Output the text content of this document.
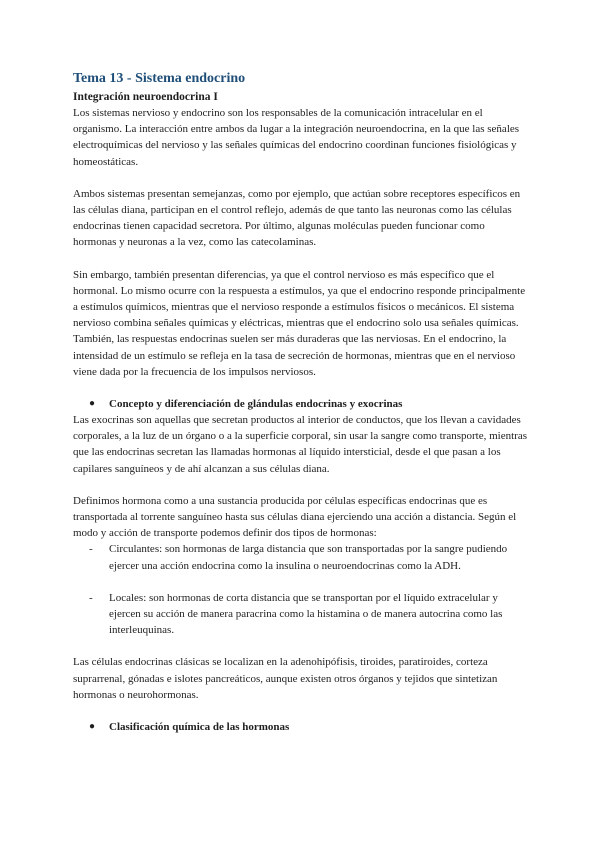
Tema 13 - Sistema endocrino
Integración neuroendocrina I

Los sistemas nervioso y endocrino son los responsables de la comunicación intracelular en el organismo. La interacción entre ambos da lugar a la integración neuroendocrina, en la que las señales electroquímicas del nervioso y las señales químicas del endocrino coordinan funciones fisiológicas y homeostáticas.

Ambos sistemas presentan semejanzas, como por ejemplo, que actúan sobre receptores específicos en las células diana, participan en el control reflejo, además de que tanto las neuronas como las células endocrinas tienen capacidad secretora. Por último, algunas moléculas pueden funcionar como hormonas y neuronas a la vez, como las catecolaminas.

Sin embargo, también presentan diferencias, ya que el control nervioso es más específico que el hormonal. Lo mismo ocurre con la respuesta a estímulos, ya que el endocrino responde principalmente a estímulos químicos, mientras que el nervioso responde a estímulos físicos o mecánicos. El sistema nervioso combina señales químicas y eléctricas, mientras que el endocrino solo usa señales químicas. También, las respuestas endocrinas suelen ser más duraderas que las nerviosas. En el endocrino, la intensidad de un estímulo se refleja en la tasa de secreción de hormonas, mientras que en el nervioso viene dada por la frecuencia de los impulsos nerviosos.

● Concepto y diferenciación de glándulas endocrinas y exocrinas

Las exocrinas son aquellas que secretan productos al interior de conductos, que los llevan a cavidades corporales, a la luz de un órgano o a la superficie corporal, sin usar la sangre como transporte, mientras que las endocrinas secretan las llamadas hormonas al líquido intersticial, desde el que pasan a los capilares sanguíneos y de ahí alcanzan a sus células diana.

Definimos hormona como a una sustancia producida por células específicas endocrinas que es transportada al torrente sanguíneo hasta sus células diana ejerciendo una acción a distancia. Según el modo y acción de transporte podemos definir dos tipos de hormonas:

- Circulantes: son hormonas de larga distancia que son transportadas por la sangre pudiendo ejercer una acción endocrina como la insulina o neuroendocrinas como la ADH.
- Locales: son hormonas de corta distancia que se transportan por el líquido extracelular y ejercen su acción de manera paracrina como la histamina o de manera autocrina como las interleuquinas.

Las células endocrinas clásicas se localizan en la adenohipófisis, tiroides, paratiroides, corteza suprarrenal, gónadas e islotes pancreáticos, aunque existen otros órganos y tejidos que sintetizan hormonas o neurohormonas.

● Clasificación química de las hormonas
